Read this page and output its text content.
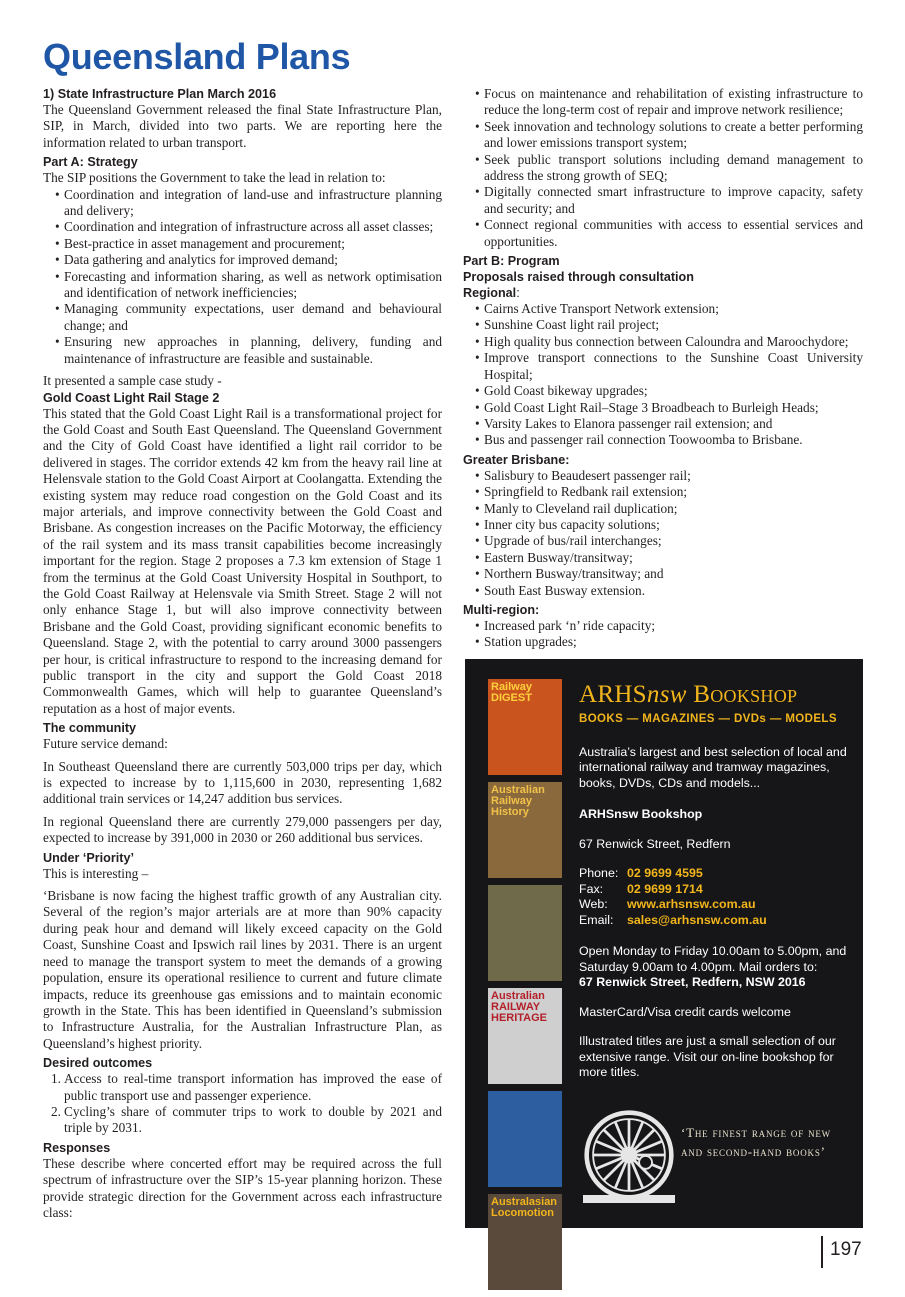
Queensland Plans

1) State Infrastructure Plan March 2016

The Queensland Government released the final State Infrastructure Plan, SIP, in March, divided into two parts. We are reporting here the information related to urban transport.

Part A: Strategy

The SIP positions the Government to take the lead in relation to:

• Coordination and integration of land-use and infrastructure planning and delivery;
• Coordination and integration of infrastructure across all asset classes;
• Best-practice in asset management and procurement;
• Data gathering and analytics for improved demand;
• Forecasting and information sharing, as well as network optimisation and identification of network inefficiencies;
• Managing community expectations, user demand and behavioural change; and
• Ensuring new approaches in planning, delivery, funding and maintenance of infrastructure are feasible and sustainable.

It presented a sample case study -

Gold Coast Light Rail Stage 2

This stated that the Gold Coast Light Rail is a transformational project for the Gold Coast and South East Queensland. The Queensland Government and the City of Gold Coast have identified a light rail corridor to be delivered in stages. The corridor extends 42 km from the heavy rail line at Helensvale station to the Gold Coast Airport at Coolangatta. Extending the existing system may reduce road congestion on the Gold Coast and its major arterials, and improve connectivity between the Gold Coast and Brisbane. As congestion increases on the Pacific Motorway, the efficiency of the rail system and its mass transit capabilities become increasingly important for the region. Stage 2 proposes a 7.3 km extension of Stage 1 from the terminus at the Gold Coast University Hospital in Southport, to the Gold Coast Railway at Helensvale via Smith Street. Stage 2 will not only enhance Stage 1, but will also improve connectivity between Brisbane and the Gold Coast, providing significant economic benefits to Queensland. Stage 2, with the potential to carry around 3000 passengers per hour, is critical infrastructure to respond to the increasing demand for public transport in the city and support the Gold Coast 2018 Commonwealth Games, which will help to guarantee Queensland’s reputation as a host of major events.

The community

Future service demand:

In Southeast Queensland there are currently 503,000 trips per day, which is expected to increase by to 1,115,600 in 2030, representing 1,682 additional train services or 14,247 addition bus services.

In regional Queensland there are currently 279,000 passengers per day, expected to increase by 391,000 in 2030 or 260 additional bus services.

Under ‘Priority’

This is interesting –

‘Brisbane is now facing the highest traffic growth of any Australian city. Several of the region’s major arterials are at more than 90% capacity during peak hour and demand will likely exceed capacity on the Gold Coast, Sunshine Coast and Ipswich rail lines by 2031. There is an urgent need to manage the transport system to meet the demands of a growing population, ensure its operational resilience to current and future climate impacts, reduce its greenhouse gas emissions and to maintain economic growth in the State. This has been identified in Queensland’s submission to Infrastructure Australia, for the Australian Infrastructure Plan, as Queensland’s highest priority.

Desired outcomes

1. Access to real-time transport information has improved the ease of public transport use and passenger experience.
2. Cycling’s share of commuter trips to work to double by 2021 and triple by 2031.

Responses

These describe where concerted effort may be required across the full spectrum of infrastructure over the SIP’s 15-year planning horizon. These provide strategic direction for the Government across each infrastructure class:

• Focus on maintenance and rehabilitation of existing infrastructure to reduce the long-term cost of repair and improve network resilience;
• Seek innovation and technology solutions to create a better performing and lower emissions transport system;
• Seek public transport solutions including demand management to address the strong growth of SEQ;
• Digitally connected smart infrastructure to improve capacity, safety and security; and
• Connect regional communities with access to essential services and opportunities.

Part B: Program

Proposals raised through consultation

Regional:

• Cairns Active Transport Network extension;
• Sunshine Coast light rail project;
• High quality bus connection between Caloundra and Maroochydore;
• Improve transport connections to the Sunshine Coast University Hospital;
• Gold Coast bikeway upgrades;
• Gold Coast Light Rail–Stage 3 Broadbeach to Burleigh Heads;
• Varsity Lakes to Elanora passenger rail extension; and
• Bus and passenger rail connection Toowoomba to Brisbane.

Greater Brisbane:

• Salisbury to Beaudesert passenger rail;
• Springfield to Redbank rail extension;
• Manly to Cleveland rail duplication;
• Inner city bus capacity solutions;
• Upgrade of bus/rail interchanges;
• Eastern Busway/transitway;
• Northern Busway/transitway; and
• South East Busway extension.

Multi-region:

• Increased park ‘n’ ride capacity;
• Station upgrades;
Railway DIGEST
Australian Railway History
Australian RAILWAY HERITAGE
Australasian Locomotion
ARHSnsw Bookshop
BOOKS — MAGAZINES — DVDs — MODELS

Australia’s largest and best selection of local and international railway and tramway magazines, books, DVDs, CDs and models...

ARHSnsw Bookshop

67 Renwick Street, Redfern

Phone: 02 9699 4595
Fax: 02 9699 1714
Web: www.arhsnsw.com.au
Email: sales@arhsnsw.com.au

Open Monday to Friday 10.00am to 5.00pm, and Saturday 9.00am to 4.00pm. Mail orders to:

67 Renwick Street, Redfern, NSW 2016

MasterCard/Visa credit cards welcome

Illustrated titles are just a small selection of our extensive range. Visit our on-line bookshop for more titles.

‘The finest range of new and second-hand books’
197
